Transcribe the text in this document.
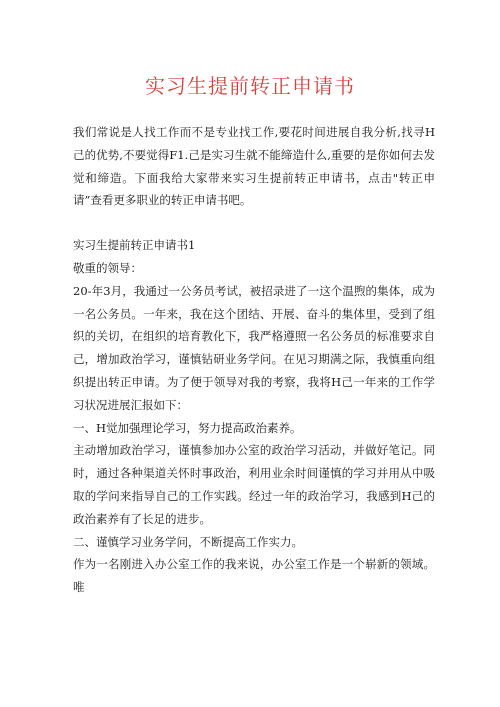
实习生提前转正申请书

我们常说是人找工作而不是专业找工作,要花时间进展自我分析,找寻H己的优势,不要觉得F1.己是实习生就不能缔造什么,重要的是你如何去发觉和缔造。下面我给大家带来实习生提前转正申请书，点击"转正申请”查看更多职业的转正申请书吧。

实习生提前转正申请书1

敬重的领导：

20-年3月，我通过一公务员考试，被招录进了一这个温煦的集体，成为一名公务员。一年来，我在这个团结、开展、奋斗的集体里，受到了组织的关切，在组织的培育教化下，我严格遵照一名公务员的标准要求自己，增加政治学习，谨慎钻研业务学问。在见习期满之际，我慎重向组织提出转正申请。为了便于领导对我的考察，我将H己一年来的工作学习状况进展汇报如下：

一、H觉加强理论学习，努力提高政治素养。

主动增加政治学习，谨慎参加办公室的政治学习活动，并做好笔记。同时，通过各种渠道关怀时事政治，利用业余时间谨慎的学习并用从中吸取的学问来指导自己的工作实践。经过一年的政治学习，我感到H己的政治素养有了长足的进步。

二、谨慎学习业务学问，不断提高工作实力。

作为一名刚进入办公室工作的我来说，办公室工作是一个崭新的领域。唯
